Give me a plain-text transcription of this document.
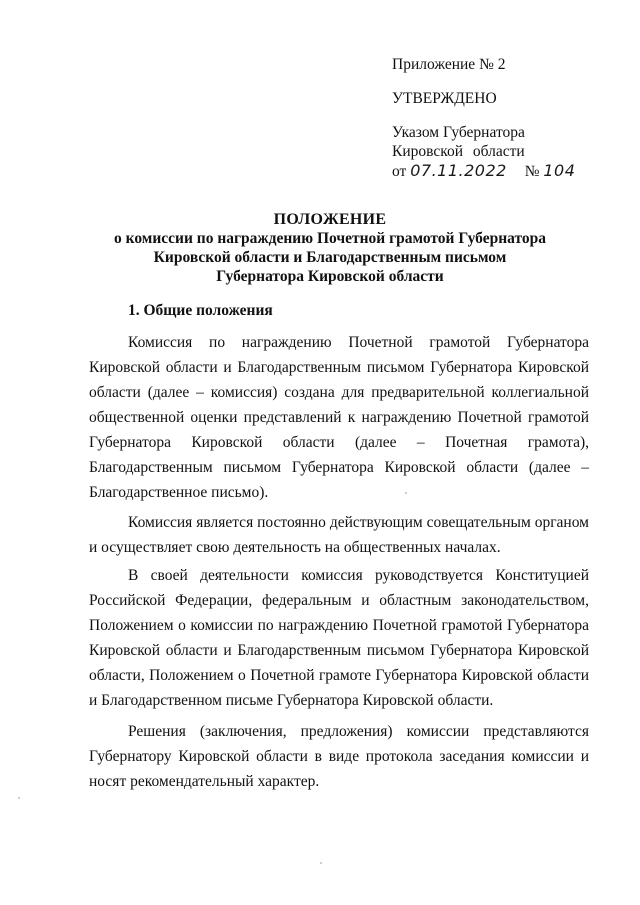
Приложение № 2
УТВЕРЖДЕНО
Указом Губернатора
Кировской области
от 07.11.2022 № 104
ПОЛОЖЕНИЕ
о комиссии по награждению Почетной грамотой Губернатора
Кировской области и Благодарственным письмом
Губернатора Кировской области
1. Общие положения

Комиссия по награждению Почетной грамотой Губернатора Кировской области и Благодарственным письмом Губернатора Кировской области (далее – комиссия) создана для предварительной коллегиальной общественной оценки представлений к награждению Почетной грамотой Губернатора Кировской области (далее – Почетная грамота), Благодарственным письмом Губернатора Кировской области (далее – Благодарственное письмо).

Комиссия является постоянно действующим совещательным органом и осуществляет свою деятельность на общественных началах.

В своей деятельности комиссия руководствуется Конституцией Российской Федерации, федеральным и областным законодательством, Положением о комиссии по награждению Почетной грамотой Губернатора Кировской области и Благодарственным письмом Губернатора Кировской области, Положением о Почетной грамоте Губернатора Кировской области и Благодарственном письме Губернатора Кировской области.

Решения (заключения, предложения) комиссии представляются Губернатору Кировской области в виде протокола заседания комиссии и носят рекомендательный характер.
